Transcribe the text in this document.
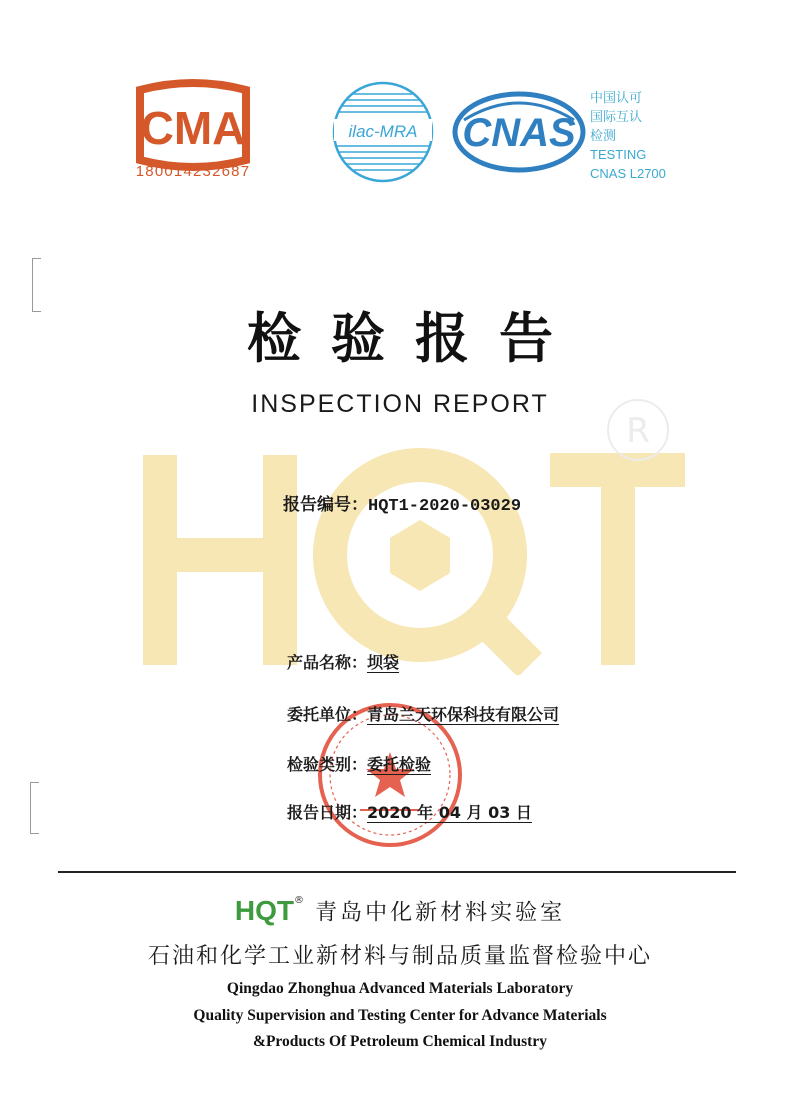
CMA
180014232687
ilac-MRA CNAS
中国认可
国际互认
检测
TESTING
CNAS L2700
HQT
R
检验报告
INSPECTION REPORT
报告编号：HQT1-2020-03029
产品名称：坝袋
委托单位：青岛兰天环保科技有限公司
检验类别：委托检验
报告日期：2020 年 04 月 03 日
HQT® 青岛中化新材料实验室
石油和化学工业新材料与制品质量监督检验中心
Qingdao Zhonghua Advanced Materials Laboratory
Quality Supervision and Testing Center for Advance Materials
&Products Of Petroleum Chemical Industry
